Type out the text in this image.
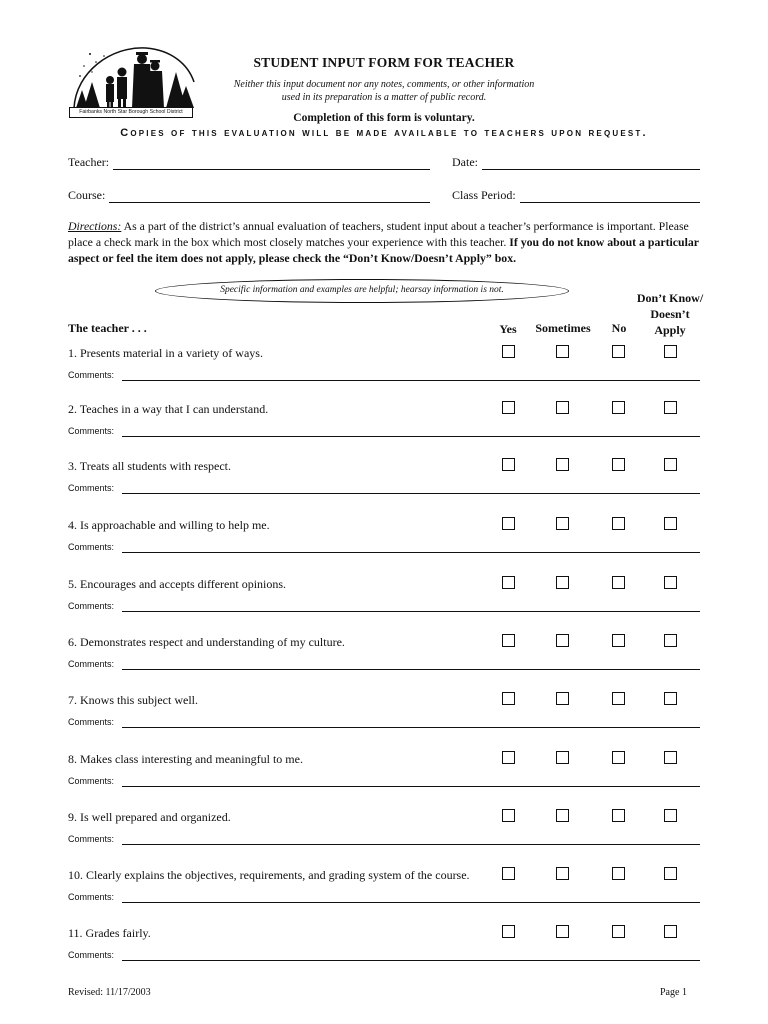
Fairbanks North Star Borough School District
STUDENT INPUT FORM FOR TEACHER
Neither this input document nor any notes, comments, or other information
used in its preparation is a matter of public record.
Completion of this form is voluntary.
Copies of this evaluation will be made available to teachers upon request.
Teacher:	Date:
Course:	Class Period:
Directions: As a part of the district’s annual evaluation of teachers, student input about a teacher’s performance is important. Please place a check mark in the box which most closely matches your experience with this teacher. If you do not know about a particular aspect or feel the item does not apply, please check the “Don’t Know/Doesn’t Apply” box.
Specific information and examples are helpful; hearsay information is not.
The teacher . . .	Yes	Sometimes	No
Don’t Know/
Doesn’t
Apply
1. Presents material in a variety of ways.
Comments:
2. Teaches in a way that I can understand.
Comments:
3. Treats all students with respect.
Comments:
4. Is approachable and willing to help me.
Comments:
5. Encourages and accepts different opinions.
Comments:
6. Demonstrates respect and understanding of my culture.
Comments:
7. Knows this subject well.
Comments:
8. Makes class interesting and meaningful to me.
Comments:
9. Is well prepared and organized.
Comments:
10. Clearly explains the objectives, requirements, and grading system of the course.
Comments:
11. Grades fairly.
Comments:
Revised: 11/17/2003	Page 1
